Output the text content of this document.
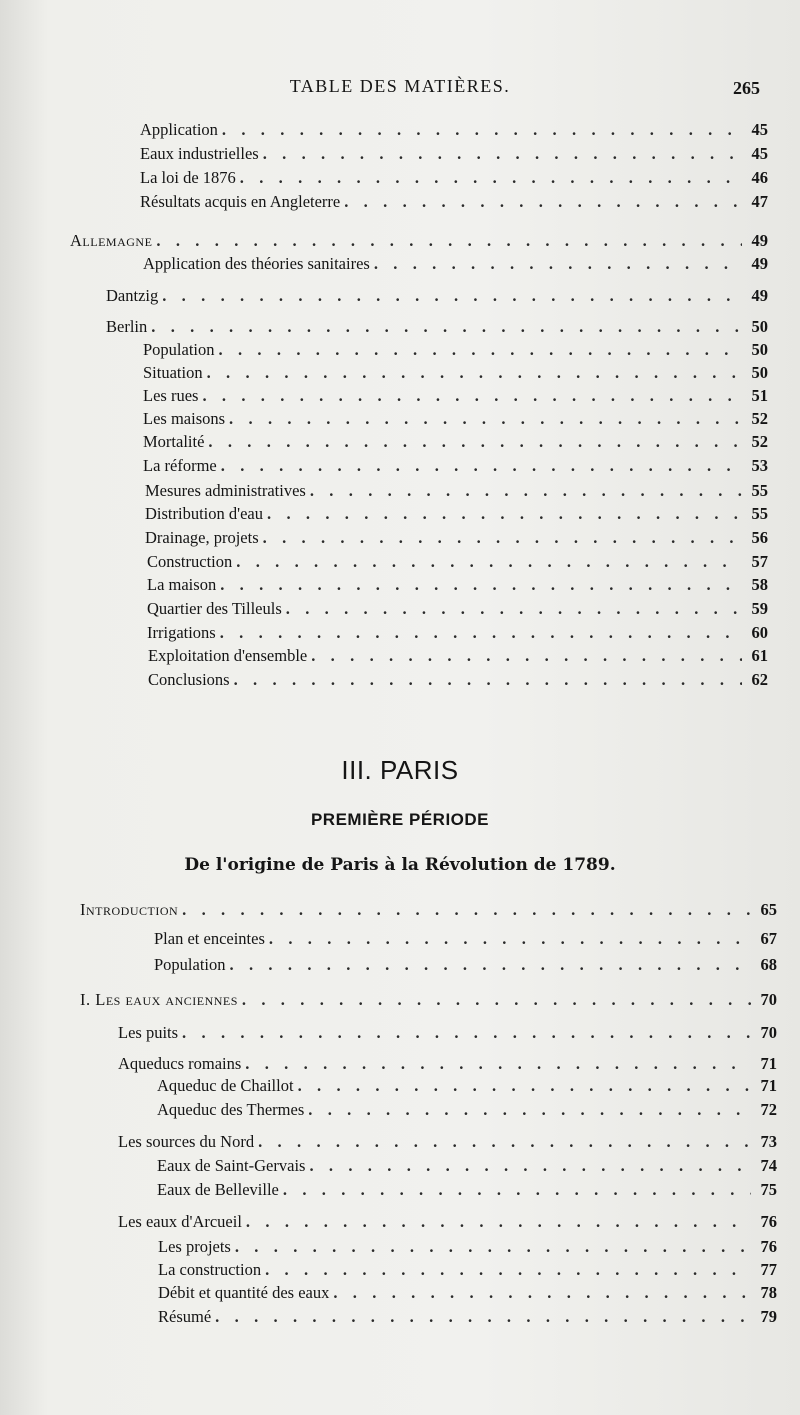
TABLE DES MATIÈRES.	265
III. PARIS
PREMIÈRE PÉRIODE
De l'origine de Paris à la Révolution de 1789.
Application . . .	45
Eaux industrielles . . .	45
La loi de 1876 . . .	46
Résultats acquis en Angleterre . . .	47
Allemagne . . .	49
Application des théories sanitaires . . .	49
Dantzig . . .	49
Berlin . . .	50
Population . . .	50
Situation . . .	50
Les rues . . .	51
Les maisons . . .	52
Mortalité . . .	52
La réforme . . .	53
Mesures administratives . . .	55
Distribution d'eau . . .	55
Drainage, projets . . .	56
Construction . . .	57
La maison . . .	58
Quartier des Tilleuls . . .	59
Irrigations . . .	60
Exploitation d'ensemble . . .	61
Conclusions . . .	62
Introduction . . .	65
Plan et enceintes . . .	67
Population . . .	68
I. Les eaux anciennes . . .	70
Les puits . . .	70
Aqueducs romains . . .	71
Aqueduc de Chaillot . . .	71
Aqueduc des Thermes . . .	72
Les sources du Nord . . .	73
Eaux de Saint-Gervais . . .	74
Eaux de Belleville . . .	75
Les eaux d'Arcueil . . .	76
Les projets . . .	76
La construction . . .	77
Débit et quantité des eaux . . .	78
Résumé . . .	79
